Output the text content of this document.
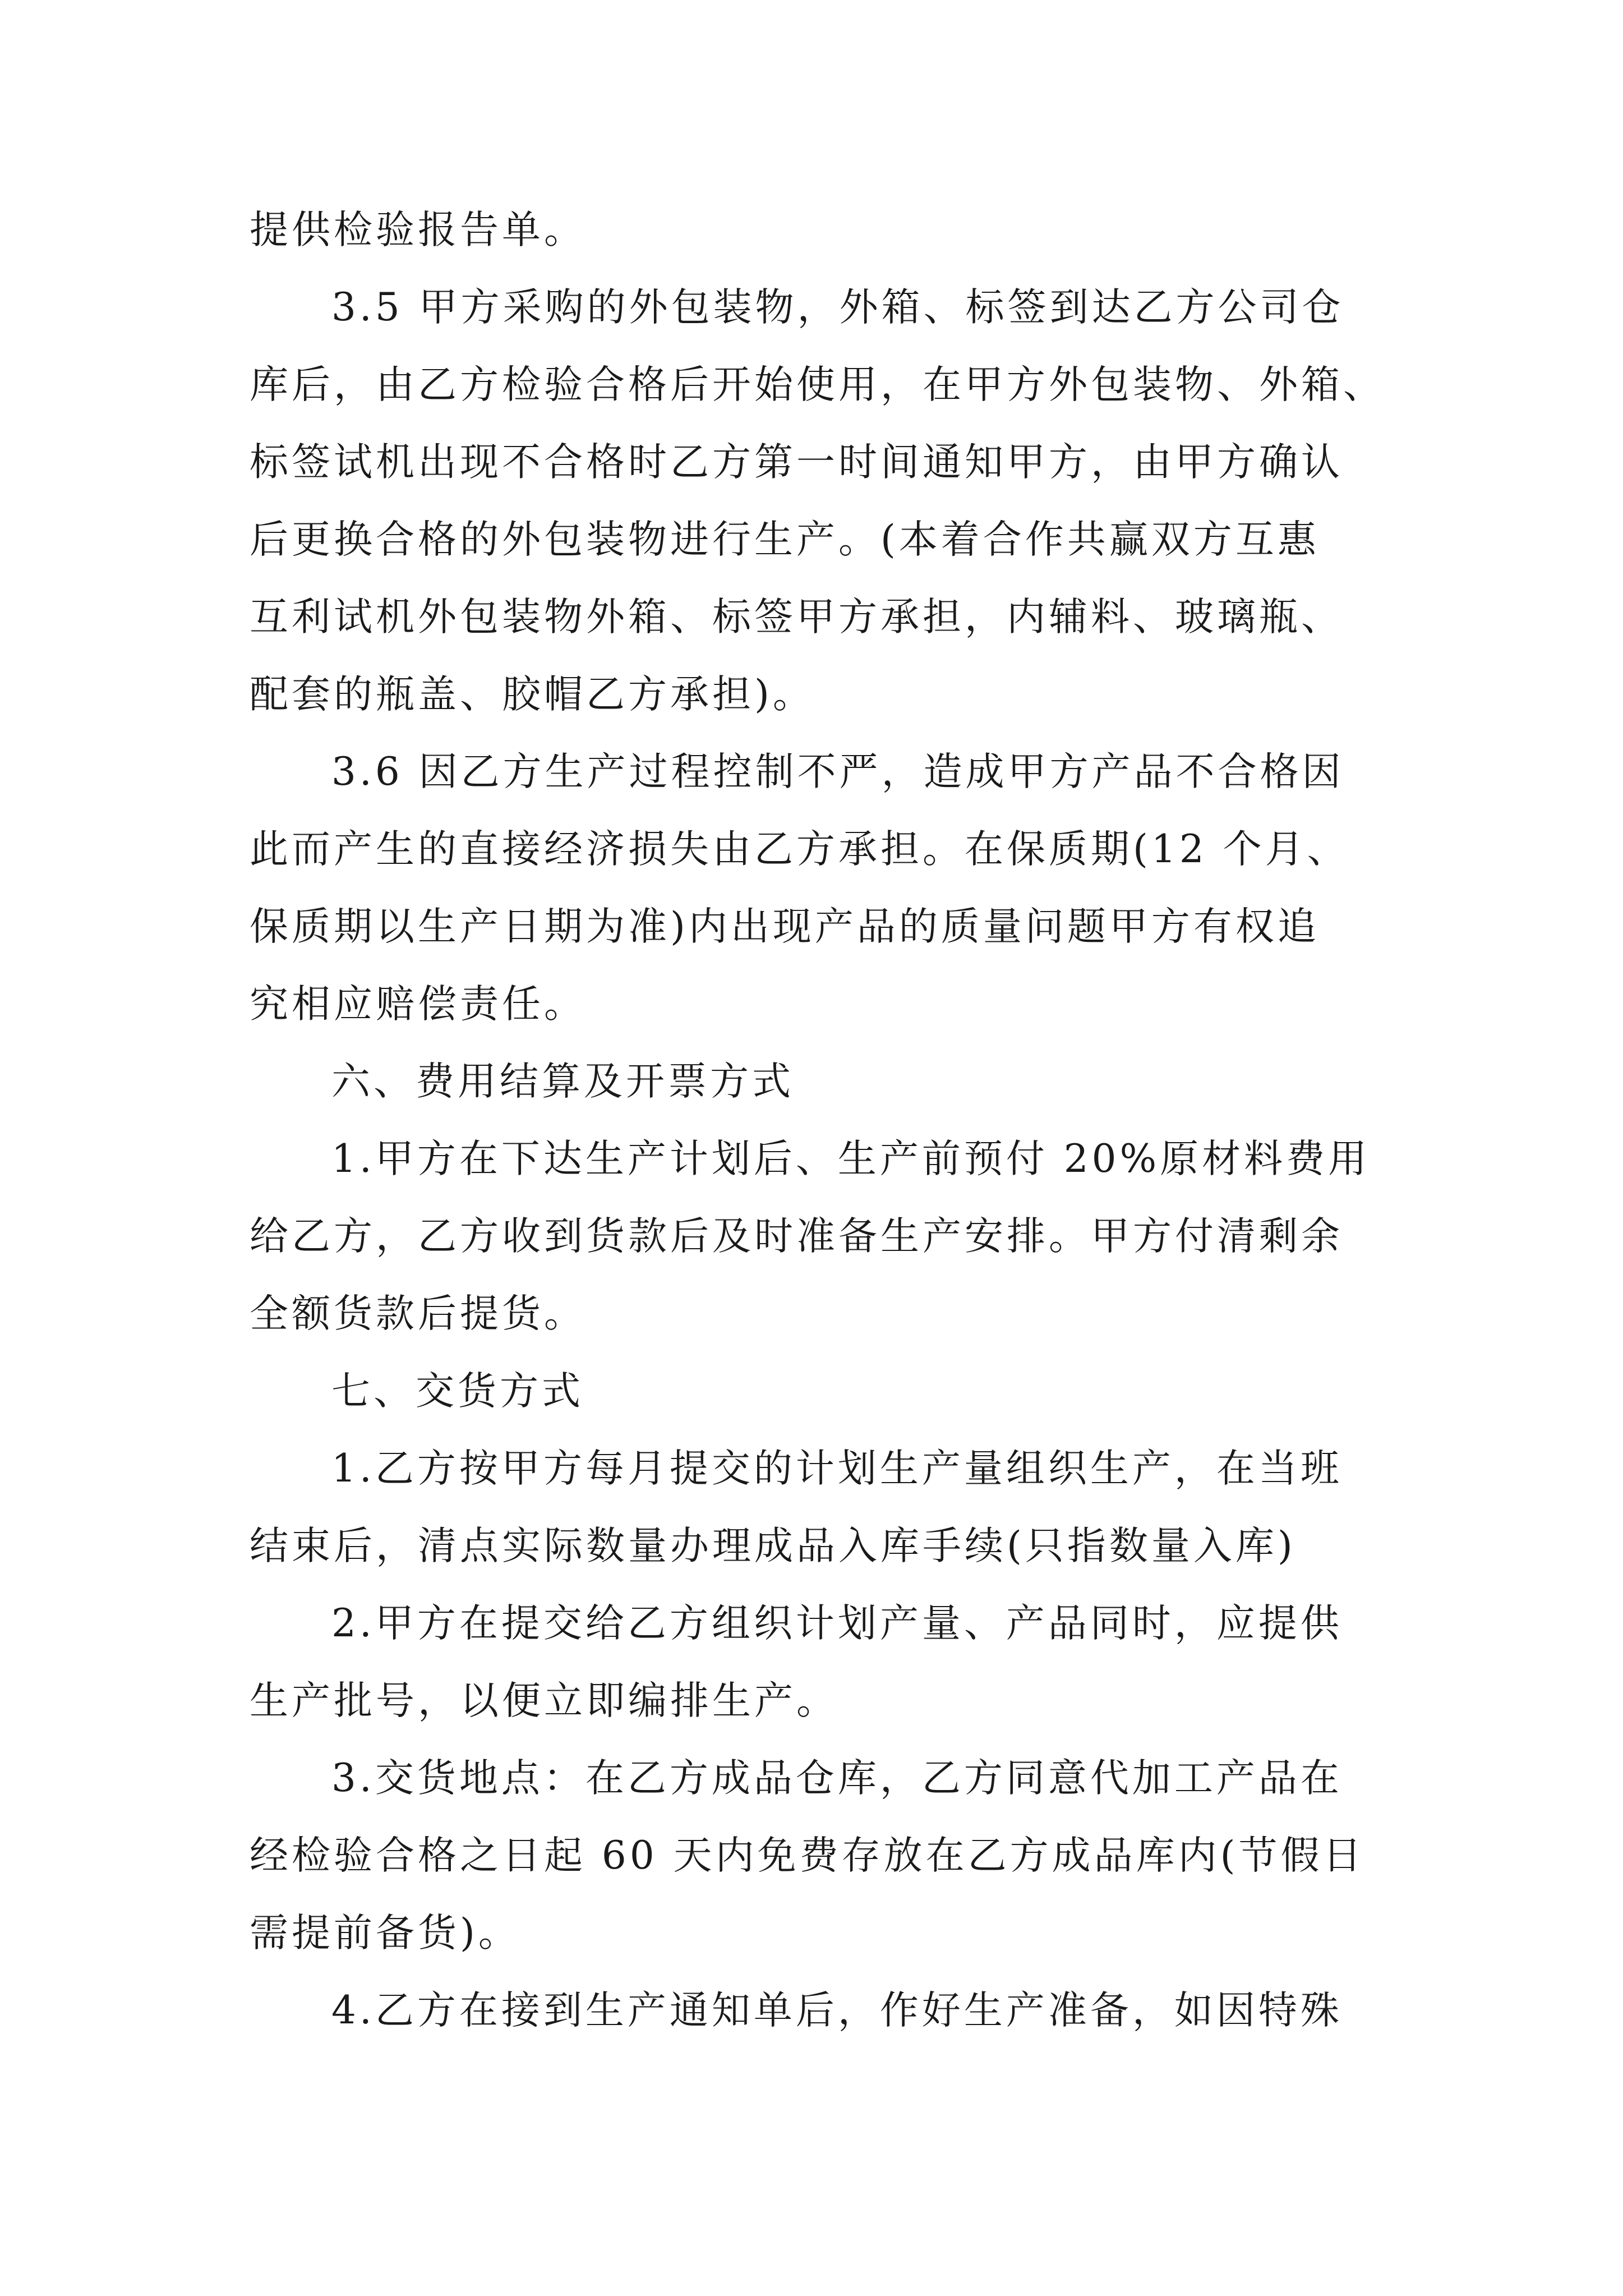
提供检验报告单。
3.5 甲方采购的外包装物，外箱、标签到达乙方公司仓
库后，由乙方检验合格后开始使用，在甲方外包装物、外箱、
标签试机出现不合格时乙方第一时间通知甲方，由甲方确认
后更换合格的外包装物进行生产。(本着合作共赢双方互惠
互利试机外包装物外箱、标签甲方承担，内辅料、玻璃瓶、
配套的瓶盖、胶帽乙方承担)。
3.6 因乙方生产过程控制不严，造成甲方产品不合格因
此而产生的直接经济损失由乙方承担。在保质期(12 个月、
保质期以生产日期为准)内出现产品的质量问题甲方有权追
究相应赔偿责任。
六、费用结算及开票方式
1.甲方在下达生产计划后、生产前预付 20%原材料费用
给乙方，乙方收到货款后及时准备生产安排。甲方付清剩余
全额货款后提货。
七、交货方式
1.乙方按甲方每月提交的计划生产量组织生产，在当班
结束后，清点实际数量办理成品入库手续(只指数量入库)
2.甲方在提交给乙方组织计划产量、产品同时，应提供
生产批号，以便立即编排生产。
3.交货地点：在乙方成品仓库，乙方同意代加工产品在
经检验合格之日起 60 天内免费存放在乙方成品库内(节假日
需提前备货)。
4.乙方在接到生产通知单后，作好生产准备，如因特殊
